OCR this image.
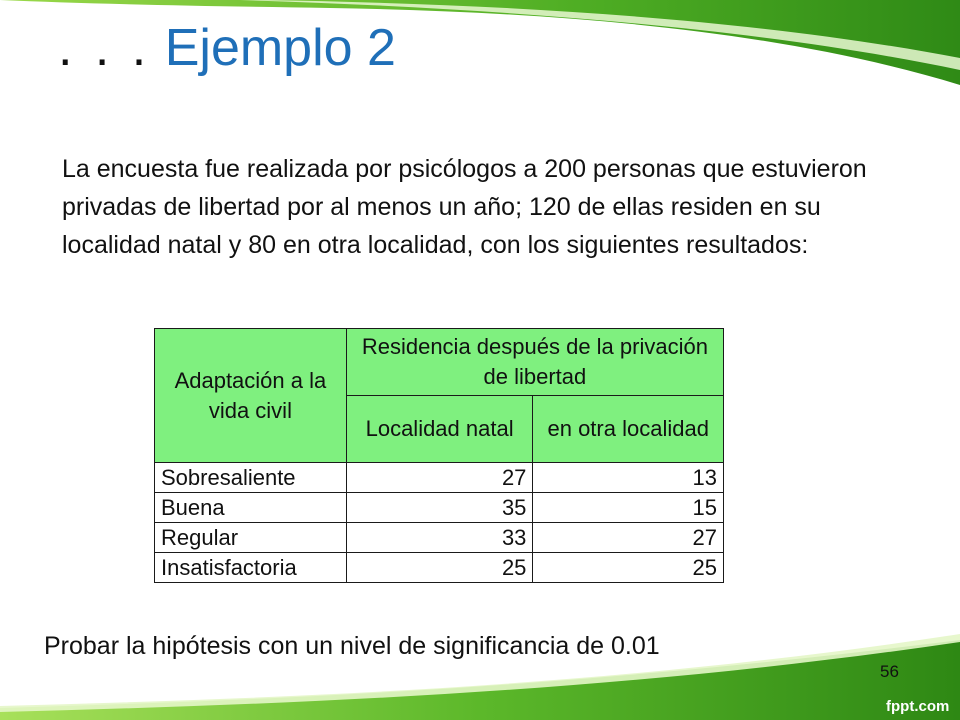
. . . Ejemplo 2
La encuesta fue realizada por psicólogos a 200 personas que estuvieron privadas de libertad por al menos un año; 120 de ellas residen en su localidad natal y 80 en otra localidad, con los siguientes resultados:
Adaptación a la vida civil	Residencia después de la privación de libertad	
	Localidad natal	en otra localidad
Sobresaliente	27	13
Buena	35	15
Regular	33	27
Insatisfactoria	25	25
Probar la hipótesis con un nivel de significancia de 0.01
56
fppt.com
